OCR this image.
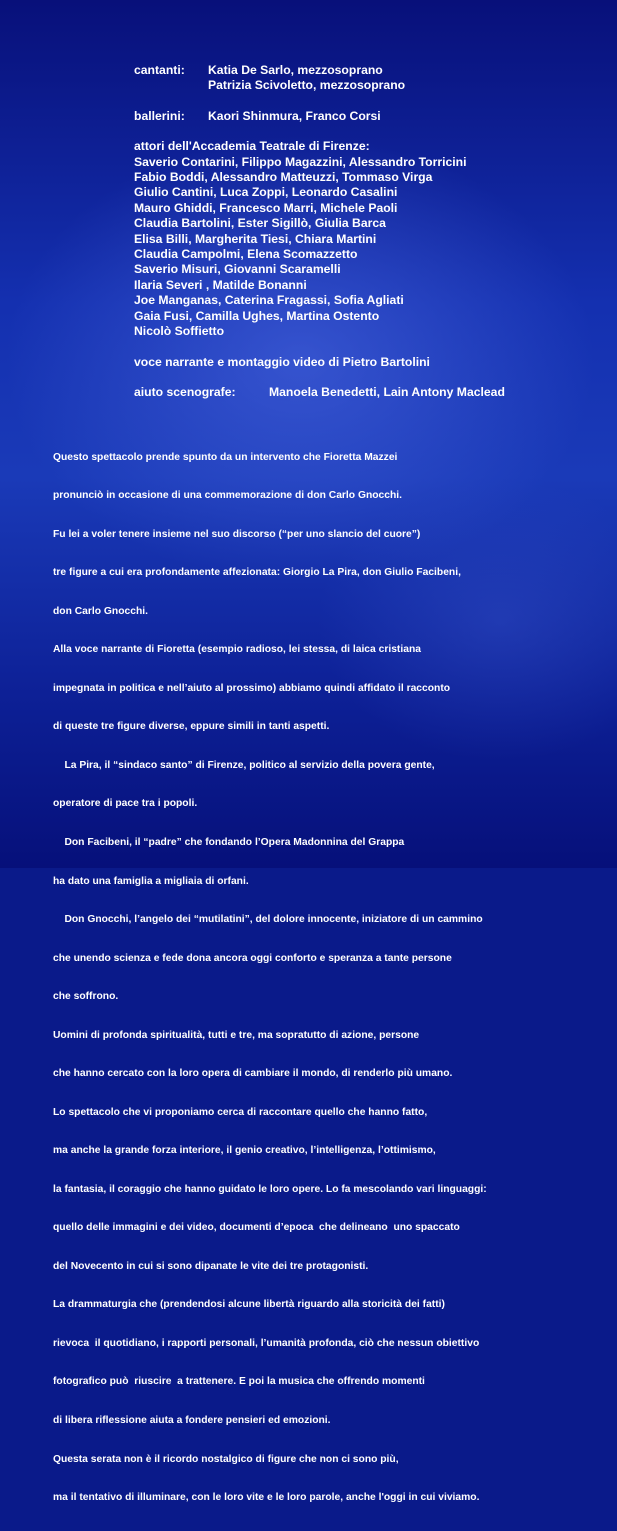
cantanti:	Katia De Sarlo, mezzosoprano
Patrizia Scivoletto, mezzosoprano
ballerini:	Kaori Shinmura, Franco Corsi
attori dell'Accademia Teatrale di Firenze:
Saverio Contarini, Filippo Magazzini, Alessandro Torricini
Fabio Boddi, Alessandro Matteuzzi, Tommaso Virga
Giulio Cantini, Luca Zoppi, Leonardo Casalini
Mauro Ghiddi, Francesco Marri, Michele Paoli
Claudia Bartolini, Ester Sigillò, Giulia Barca
Elisa Billi, Margherita Tiesi, Chiara Martini
Claudia Campolmi, Elena Scomazzetto
Saverio Misuri, Giovanni Scaramelli
Ilaria Severi , Matilde Bonanni
Joe Manganas, Caterina Fragassi, Sofia Agliati
Gaia Fusi, Camilla Ughes, Martina Ostento
Nicolò Soffietto
voce narrante e montaggio video di Pietro Bartolini
aiuto scenografe:	Manoela Benedetti, Lain Antony Maclead

Questo spettacolo prende spunto da un intervento che Fioretta Mazzei

pronunciò in occasione di una commemorazione di don Carlo Gnocchi.

Fu lei a voler tenere insieme nel suo discorso (“per uno slancio del cuore”)

tre figure a cui era profondamente affezionata: Giorgio La Pira, don Giulio Facibeni,

don Carlo Gnocchi.

Alla voce narrante di Fioretta (esempio radioso, lei stessa, di laica cristiana

impegnata in politica e nell’aiuto al prossimo) abbiamo quindi affidato il racconto

di queste tre figure diverse, eppure simili in tanti aspetti.

La Pira, il “sindaco santo” di Firenze, politico al servizio della povera gente,

operatore di pace tra i popoli.

Don Facibeni, il “padre” che fondando l’Opera Madonnina del Grappa

ha dato una famiglia a migliaia di orfani.

Don Gnocchi, l’angelo dei “mutilatini”, del dolore innocente, iniziatore di un cammino

che unendo scienza e fede dona ancora oggi conforto e speranza a tante persone

che soffrono.

Uomini di profonda spiritualità, tutti e tre, ma sopratutto di azione, persone

che hanno cercato con la loro opera di cambiare il mondo, di renderlo più umano.

Lo spettacolo che vi proponiamo cerca di raccontare quello che hanno fatto,

ma anche la grande forza interiore, il genio creativo, l’intelligenza, l’ottimismo,

la fantasia, il coraggio che hanno guidato le loro opere. Lo fa mescolando vari linguaggi:

quello delle immagini e dei video, documenti d’epoca  che delineano  uno spaccato

del Novecento in cui si sono dipanate le vite dei tre protagonisti.

La drammaturgia che (prendendosi alcune libertà riguardo alla storicità dei fatti)

rievoca  il quotidiano, i rapporti personali, l’umanità profonda, ciò che nessun obiettivo

fotografico può  riuscire  a trattenere. E poi la musica che offrendo momenti

di libera riflessione aiuta a fondere pensieri ed emozioni.

Questa serata non è il ricordo nostalgico di figure che non ci sono più,

ma il tentativo di illuminare, con le loro vite e le loro parole, anche l'oggi in cui viviamo.
